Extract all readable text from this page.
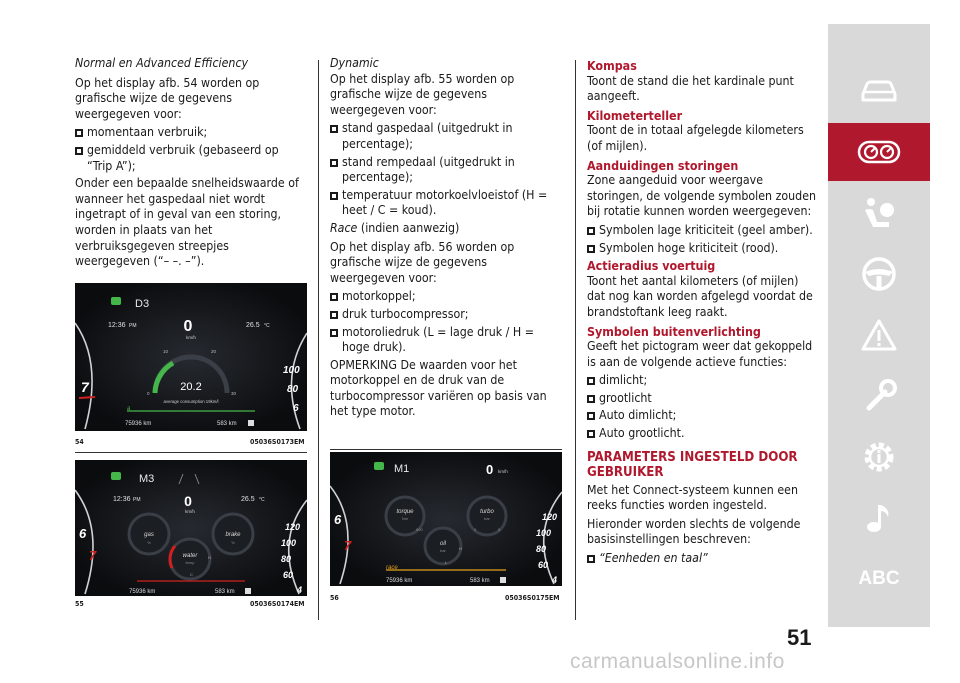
Normal en Advanced Efficiency

Op het display afb. 54 worden op grafische wijze de gegevens weergegeven voor:

momentaan verbruik;
gemiddeld verbruik (gebaseerd op “Trip A”);

Onder een bepaalde snelheidswaarde of wanneer het gaspedaal niet wordt ingetrapt of in geval van een storing, worden in plaats van het verbruiksgegeven streepjes weergegeven (“– –. –”).

Dynamic

Op het display afb. 55 worden op grafische wijze de gegevens weergegeven voor:

stand gaspedaal (uitgedrukt in percentage);
stand rempedaal (uitgedrukt in percentage);
temperatuur motorkoelvloeistof (H = heet / C = koud).

Race (indien aanwezig)

Op het display afb. 56 worden op grafische wijze de gegevens weergegeven voor:

motorkoppel;
druk turbocompressor;
motoroliedruk (L = lage druk / H = hoge druk).

OPMERKING De waarden voor het motorkoppel en de druk van de turbocompressor variëren op basis van het type motor.

Kompas

Toont de stand die het kardinale punt aangeeft.

Kilometerteller

Toont de in totaal afgelegde kilometers (of mijlen).

Aanduidingen storingen

Zone aangeduid voor weergave storingen, de volgende symbolen zouden bij rotatie kunnen worden weergegeven:

Symbolen lage kriticiteit (geel amber).
Symbolen hoge kriticiteit (rood).
Actieradius voertuig

Toont het aantal kilometers (of mijlen) dat nog kan worden afgelegd voordat de brandstoftank leeg raakt.

Symbolen buitenverlichting

Geeft het pictogram weer dat gekoppeld is aan de volgende actieve functies:

dimlicht;
grootlicht
Auto dimlicht;
Auto grootlicht.
PARAMETERS INGESTELD DOOR GEBRUIKER

Met het Connect-systeem kunnen een reeks functies worden ingesteld.

Hieronder worden slechts de volgende basisinstellingen beschreven:

“Eenheden en taal”
D3
12:36 PM	26.5 °C
0
km/h
0
10	20
30
20.2
average consumption 19km/l
a
75936 km	583 km
100
80
6
7
54	05036S0173EM
M3
12:36 PM	26.5 °C
0
km/h
gas
%
brake
%
water
temp
H
C
75936 km	583 km
120
100
80
60
4
6
7
55	05036S0174EM
M1	0 km/h
torque
Nm
600
turbo
bar
0	5
oil
bar	H
L
race
75936 km	583 km
120
100
80
60
4
6
7
56	05036S0175EM
ABC
51
carmanualsonline.info
